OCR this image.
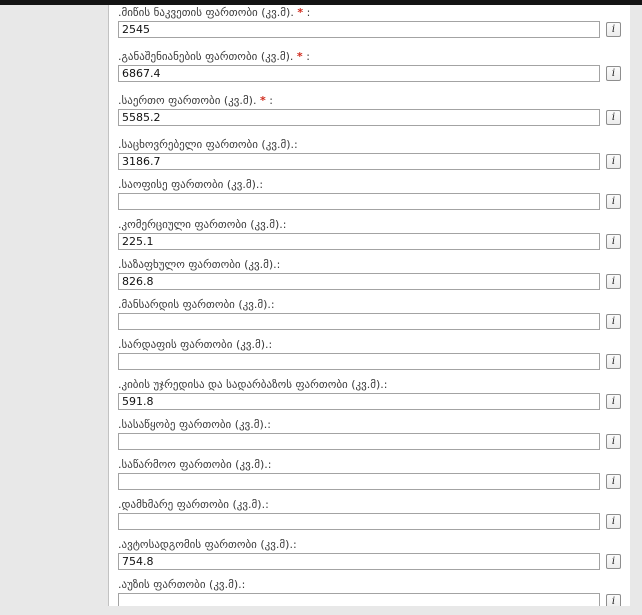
.მიწის ნაკვეთის ფართობი (კვ.მ). * :
2545
i
.განაშენიანების ფართობი (კვ.მ). * :
6867.4
i
.საერთო ფართობი (კვ.მ). * :
5585.2
i
.საცხოვრებელი ფართობი (კვ.მ).:
3186.7
i
.საოფისე ფართობი (კვ.მ).:
i
.კომერციული ფართობი (კვ.მ).:
225.1
i
.საზაფხულო ფართობი (კვ.მ).:
826.8
i
.მანსარდის ფართობი (კვ.მ).:
i
.სარდაფის ფართობი (კვ.მ).:
i
.კიბის უჯრედისა და სადარბაზოს ფართობი (კვ.მ).:
591.8
i
.სასაწყობე ფართობი (კვ.მ).:
i
.საწარმოო ფართობი (კვ.მ).:
i
.დამხმარე ფართობი (კვ.მ).:
i
.ავტოსადგომის ფართობი (კვ.მ).:
754.8
i
.აუზის ფართობი (კვ.მ).:
i
